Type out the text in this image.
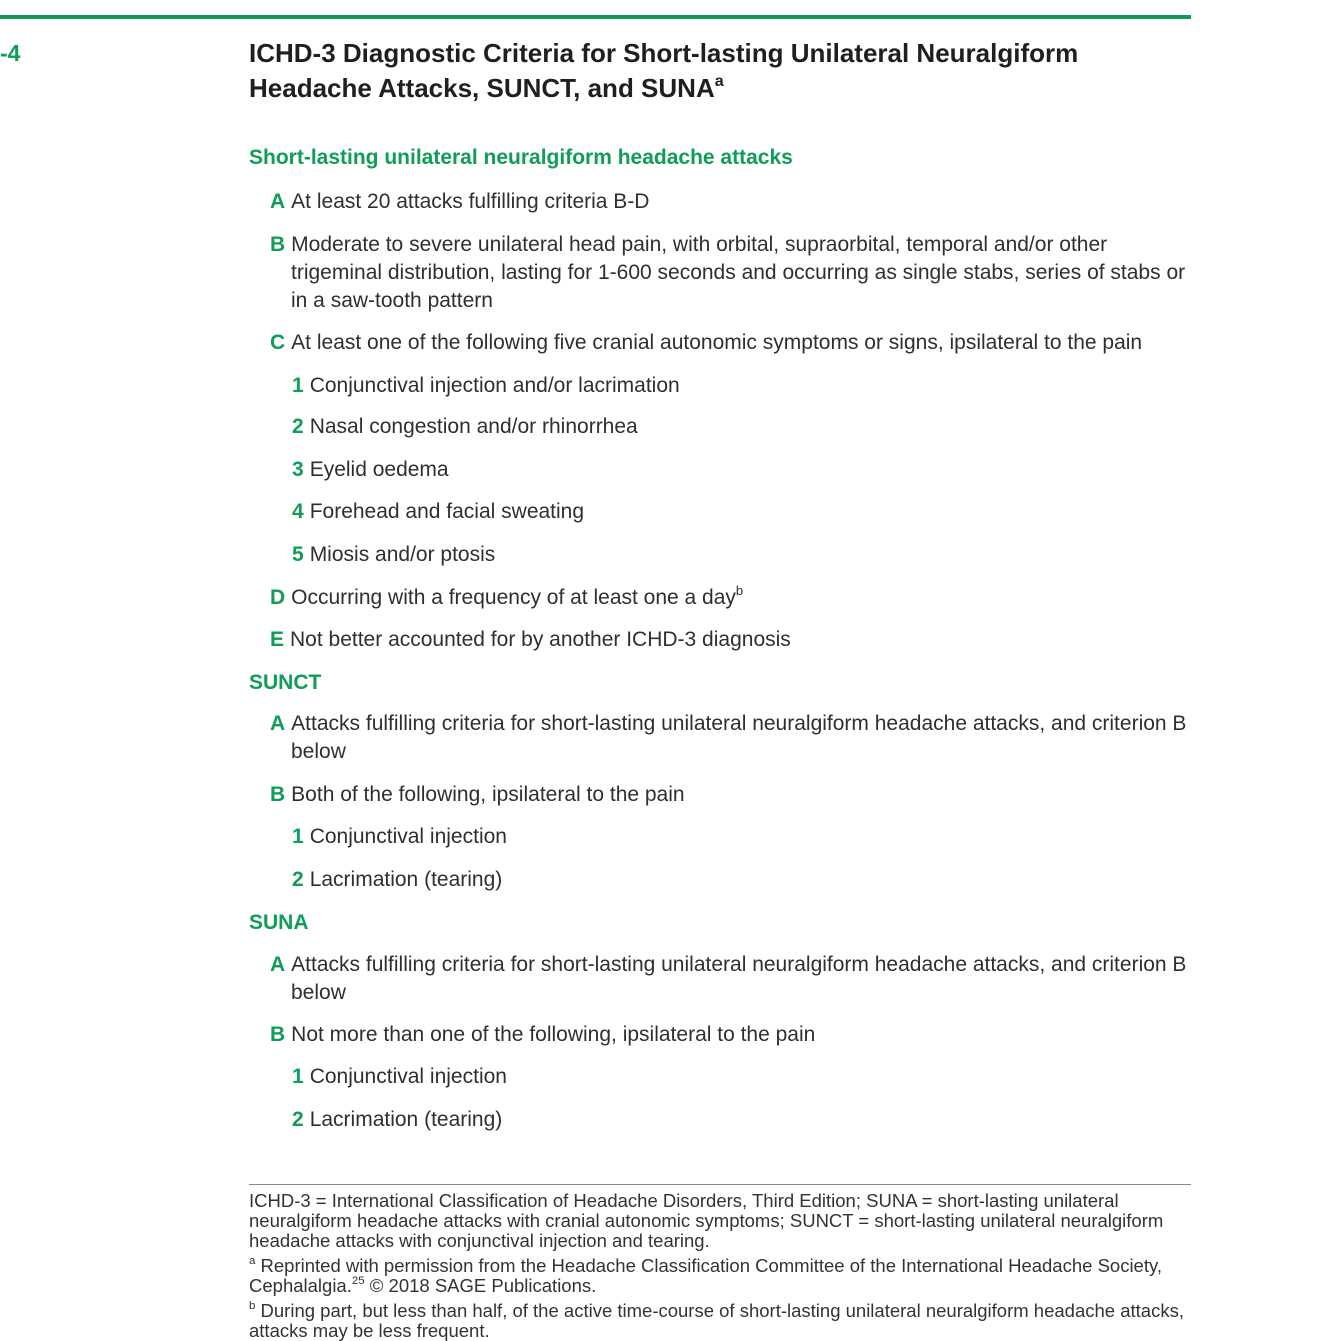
-4	ICHD-3 Diagnostic Criteria for Short-lasting Unilateral Neuralgiform Headache Attacks, SUNCT, and SUNA$^a$
Short-lasting unilateral neuralgiform headache attacks
A At least 20 attacks fulfilling criteria B-D
B Moderate to severe unilateral head pain, with orbital, supraorbital, temporal and/or other trigeminal distribution, lasting for 1-600 seconds and occurring as single stabs, series of stabs or in a saw-tooth pattern
C At least one of the following five cranial autonomic symptoms or signs, ipsilateral to the pain
1 Conjunctival injection and/or lacrimation
2 Nasal congestion and/or rhinorrhea
3 Eyelid oedema
4 Forehead and facial sweating
5 Miosis and/or ptosis
D Occurring with a frequency of at least one a day$^b$
E Not better accounted for by another ICHD-3 diagnosis
SUNCT
A Attacks fulfilling criteria for short-lasting unilateral neuralgiform headache attacks, and criterion B below
B Both of the following, ipsilateral to the pain
1 Conjunctival injection
2 Lacrimation (tearing)
SUNA
A Attacks fulfilling criteria for short-lasting unilateral neuralgiform headache attacks, and criterion B below
B Not more than one of the following, ipsilateral to the pain
1 Conjunctival injection
2 Lacrimation (tearing)

ICHD-3 = International Classification of Headache Disorders, Third Edition; SUNA = short-lasting unilateral neuralgiform headache attacks with cranial autonomic symptoms; SUNCT = short-lasting unilateral neuralgiform headache attacks with conjunctival injection and tearing.

$^a$ Reprinted with permission from the Headache Classification Committee of the International Headache Society, Cephalalgia.$^{25}$ © 2018 SAGE Publications.

$^b$ During part, but less than half, of the active time-course of short-lasting unilateral neuralgiform headache attacks, attacks may be less frequent.
